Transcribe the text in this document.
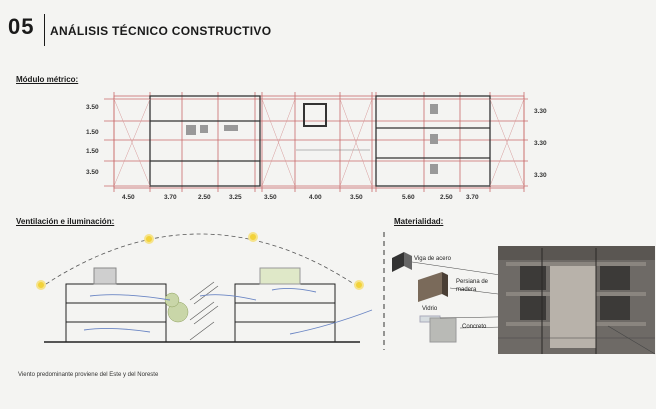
05 ANÁLISIS TÉCNICO CONSTRUCTIVO
Módulo métrico:
3.50
1.50
1.50
3.50
3.30
3.30
3.30
4.50	3.70	2.50	3.25	3.50	4.00	3.50	5.60	2.50 3.70
Ventilación e iluminación:
Viento predominante proviene del Este y del Noreste
Materialidad:
Viga de acero
Persiana de madera
Vidrio
Concreto
